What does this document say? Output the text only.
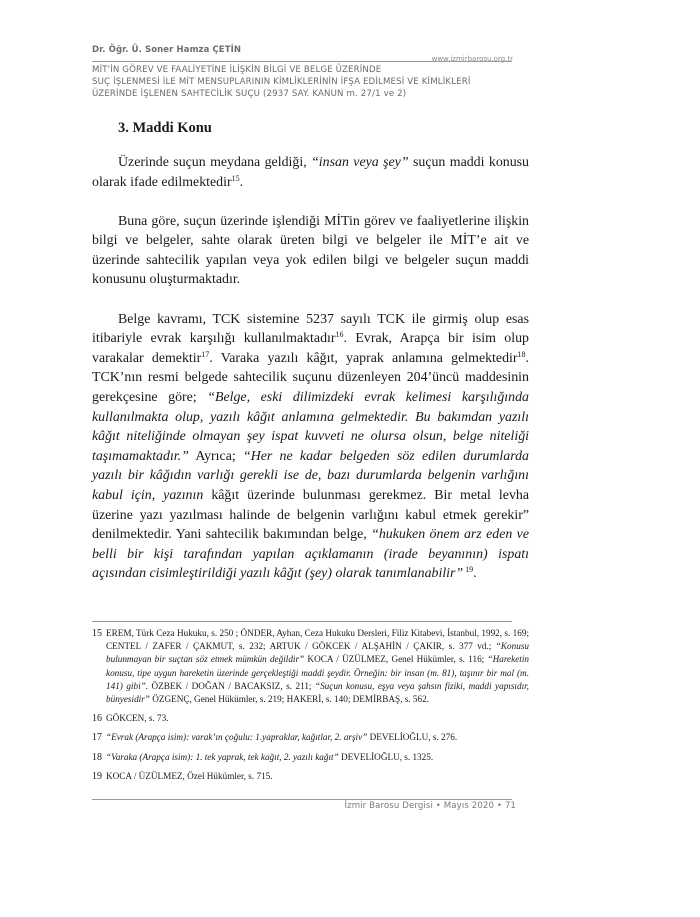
Dr. Öğr. Ü. Soner Hamza ÇETİN
www.izmirbarosu.org.tr
MİT'İN GÖREV VE FAALİYETİNE İLİŞKİN BİLGİ VE BELGE ÜZERİNDE
SUÇ İŞLENMESİ İLE MİT MENSUPLARININ KİMLİKLERİNİN İFŞA EDİLMESİ VE KİMLİKLERİ
ÜZERİNDE İŞLENEN SAHTECİLİK SUÇU (2937 SAY. KANUN m. 27/1 ve 2)
3. Maddi Konu

Üzerinde suçun meydana geldiği, “insan veya şey” suçun maddi konusu olarak ifade edilmektedir$^{15}$.

Buna göre, suçun üzerinde işlendiği MİTin görev ve faaliyetlerine ilişkin bilgi ve belgeler, sahte olarak üreten bilgi ve belgeler ile MİT’e ait ve üzerinde sahtecilik yapılan veya yok edilen bilgi ve belgeler suçun maddi konusunu oluşturmaktadır.

Belge kavramı, TCK sistemine 5237 sayılı TCK ile girmiş olup esas itibariyle evrak karşılığı kullanılmaktadır$^{16}$. Evrak, Arapça bir isim olup varakalar demektir$^{17}$. Varaka yazılı kâğıt, yaprak anlamına gelmektedir$^{18}$. TCK’nın resmi belgede sahtecilik suçunu düzenleyen 204’üncü maddesinin gerekçesine göre; “Belge, eski dilimizdeki evrak kelimesi karşılığında kullanılmakta olup, yazılı kâğıt anlamına gelmektedir. Bu bakımdan yazılı kâğıt niteliğinde olmayan şey ispat kuvveti ne olursa olsun, belge niteliği taşımamaktadır.” Ayrıca; “Her ne kadar belgeden söz edilen durumlarda yazılı bir kâğıdın varlığı gerekli ise de, bazı durumlarda belgenin varlığını kabul için, yazının kâğıt üzerinde bulunması gerekmez. Bir metal levha üzerine yazı yazılması halinde de belgenin varlığını kabul etmek gerekir” denilmektedir. Yani sahtecilik bakımından belge, “hukuken önem arz eden ve belli bir kişi tarafından yapılan açıklamanın (irade beyanının) ispatı açısından cisimleştirildiği yazılı kâğıt (şey) olarak tanımlanabilir” $^{19}$.

15 EREM, Türk Ceza Hukuku, s. 250 ; ÖNDER, Ayhan, Ceza Hukuku Dersleri, Filiz Kitabevi, İstanbul, 1992, s. 169; CENTEL / ZAFER / ÇAKMUT, s. 232; ARTUK / GÖKCEK / ALŞAHİN / ÇAKIR, s. 377 vd.; “Konusu bulunmayan bir suçtan söz etmek mümkün değildir” KOCA / ÜZÜLMEZ, Genel Hükümler, s. 116; “Hareketin konusu, tipe uygun hareketin üzerinde gerçekleştiği maddi şeydir. Örneğin: bir insan (m. 81), taşınır bir mal (m. 141) gibi”. ÖZBEK / DOĞAN / BACAKSIZ, s. 211; “Suçun konusu, eşya veya şahsın fiziki, maddi yapısıdır, bünyesidir” ÖZGENÇ, Genel Hükümler, s. 219; HAKERİ, s. 140; DEMİRBAŞ, s. 562.
16 GÖKCEN, s. 73.
17 “Evrak (Arapça isim): varak’ın çoğulu: 1.yapraklar, kağıtlar, 2. arşiv” DEVELİOĞLU, s. 276.
18 “Varaka (Arapça isim): 1. tek yaprak, tek kağıt, 2. yazılı kağıt” DEVELİOĞLU, s. 1325.
19 KOCA / ÜZÜLMEZ, Özel Hükümler, s. 715.
İzmir Barosu Dergisi • Mayıs 2020 • 71
